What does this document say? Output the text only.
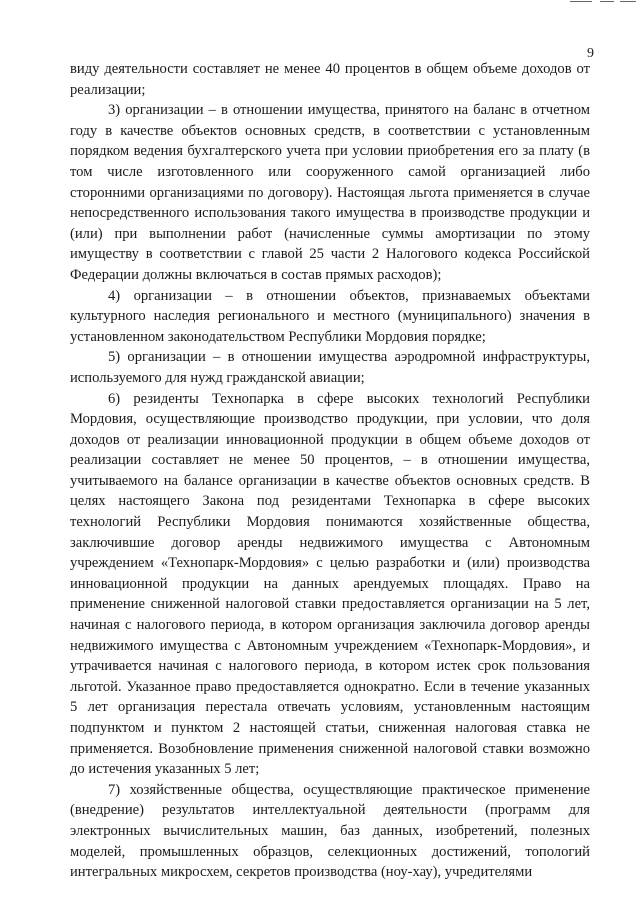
9

виду деятельности составляет не менее 40 процентов в общем объеме доходов от реализации;

3) организации – в отношении имущества, принятого на баланс в отчетном году в качестве объектов основных средств, в соответствии с установленным порядком ведения бухгалтерского учета при условии приобретения его за плату (в том числе изготовленного или сооруженного самой организацией либо сторонними организациями по договору). Настоящая льгота применяется в случае непосредственного использования такого имущества в производстве продукции и (или) при выполнении работ (начисленные суммы амортизации по этому имуществу в соответствии с главой 25 части 2 Налогового кодекса Российской Федерации должны включаться в состав прямых расходов);

4) организации – в отношении объектов, признаваемых объектами культурного наследия регионального и местного (муниципального) значения в установленном законодательством Республики Мордовия порядке;

5) организации – в отношении имущества аэродромной инфраструктуры, используемого для нужд гражданской авиации;

6) резиденты Технопарка в сфере высоких технологий Республики Мордовия, осуществляющие производство продукции, при условии, что доля доходов от реализации инновационной продукции в общем объеме доходов от реализации составляет не менее 50 процентов, – в отношении имущества, учитываемого на балансе организации в качестве объектов основных средств. В целях настоящего Закона под резидентами Технопарка в сфере высоких технологий Республики Мордовия понимаются хозяйственные общества, заключившие договор аренды недвижимого имущества с Автономным учреждением «Технопарк-Мордовия» с целью разработки и (или) производства инновационной продукции на данных арендуемых площадях. Право на применение сниженной налоговой ставки предоставляется организации на 5 лет, начиная с налогового периода, в котором организация заключила договор аренды недвижимого имущества с Автономным учреждением «Технопарк-Мордовия», и утрачивается начиная с налогового периода, в котором истек срок пользования льготой. Указанное право предоставляется однократно. Если в течение указанных 5 лет организация перестала отвечать условиям, установленным настоящим подпунктом и пунктом 2 настоящей статьи, сниженная налоговая ставка не применяется. Возобновление применения сниженной налоговой ставки возможно до истечения указанных 5 лет;

7) хозяйственные общества, осуществляющие практическое применение (внедрение) результатов интеллектуальной деятельности (программ для электронных вычислительных машин, баз данных, изобретений, полезных моделей, промышленных образцов, селекционных достижений, топологий интегральных микросхем, секретов производства (ноу-хау), учредителями
